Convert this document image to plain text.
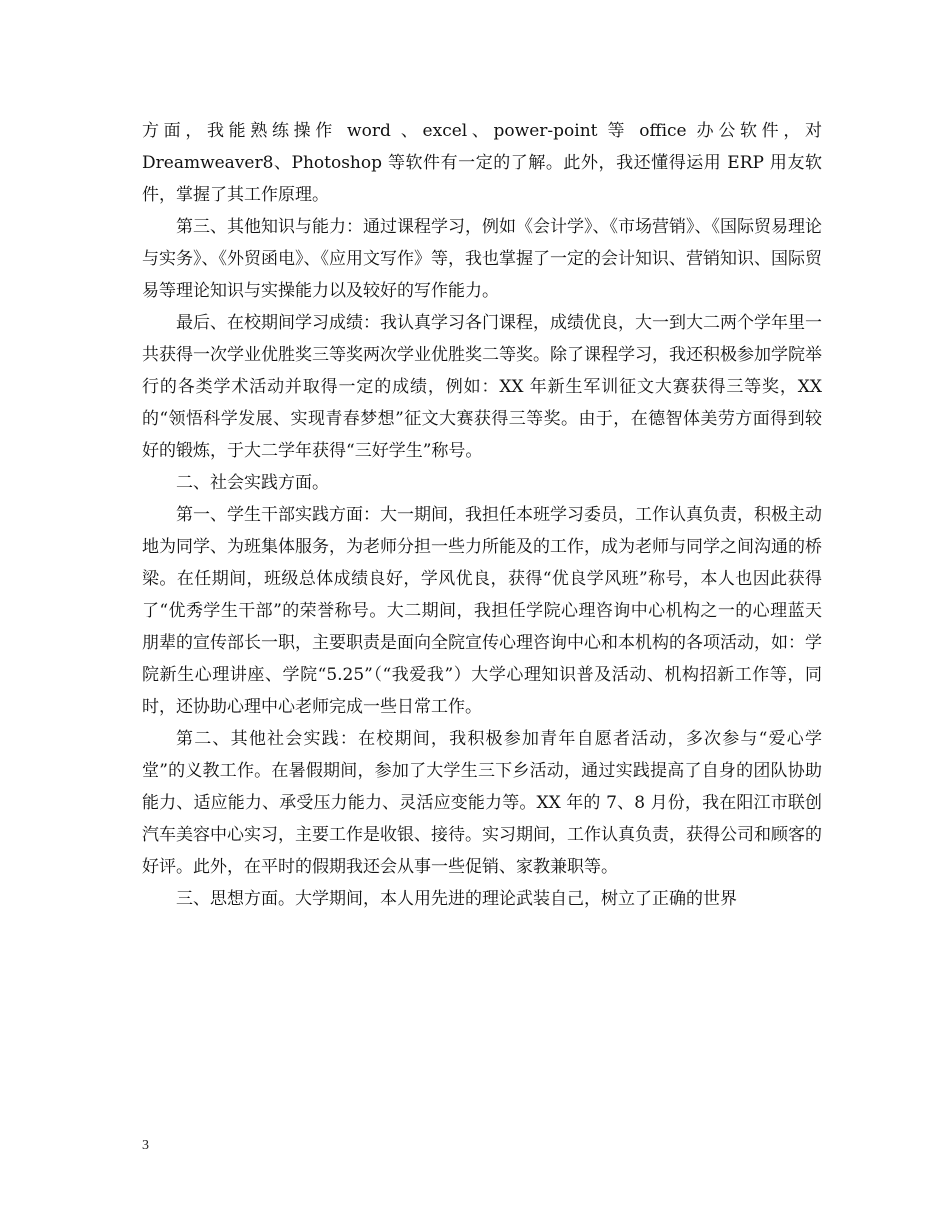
方面，我能熟练操作 word 、excel、power-point 等 office 办公软件，对 Dreamweaver8、Photoshop 等软件有一定的了解。此外，我还懂得运用 ERP 用友软件，掌握了其工作原理。

第三、其他知识与能力：通过课程学习，例如《会计学》、《市场营销》、《国际贸易理论与实务》、《外贸函电》、《应用文写作》等，我也掌握了一定的会计知识、营销知识、国际贸易等理论知识与实操能力以及较好的写作能力。

最后、在校期间学习成绩：我认真学习各门课程，成绩优良，大一到大二两个学年里一共获得一次学业优胜奖三等奖两次学业优胜奖二等奖。除了课程学习，我还积极参加学院举行的各类学术活动并取得一定的成绩，例如：XX 年新生军训征文大赛获得三等奖，XX 的“领悟科学发展、实现青春梦想”征文大赛获得三等奖。由于，在德智体美劳方面得到较好的锻炼，于大二学年获得“三好学生”称号。

二、社会实践方面。

第一、学生干部实践方面：大一期间，我担任本班学习委员，工作认真负责，积极主动地为同学、为班集体服务，为老师分担一些力所能及的工作，成为老师与同学之间沟通的桥梁。在任期间，班级总体成绩良好，学风优良，获得“优良学风班”称号，本人也因此获得了“优秀学生干部”的荣誉称号。大二期间，我担任学院心理咨询中心机构之一的心理蓝天朋辈的宣传部长一职，主要职责是面向全院宣传心理咨询中心和本机构的各项活动，如：学院新生心理讲座、学院“5.25”（“我爱我”）大学心理知识普及活动、机构招新工作等，同时，还协助心理中心老师完成一些日常工作。

第二、其他社会实践：在校期间，我积极参加青年自愿者活动，多次参与“爱心学堂”的义教工作。在暑假期间，参加了大学生三下乡活动，通过实践提高了自身的团队协助能力、适应能力、承受压力能力、灵活应变能力等。XX 年的 7、8 月份，我在阳江市联创汽车美容中心实习，主要工作是收银、接待。实习期间，工作认真负责，获得公司和顾客的好评。此外，在平时的假期我还会从事一些促销、家教兼职等。

三、思想方面。大学期间，本人用先进的理论武装自己，树立了正确的世界

3
